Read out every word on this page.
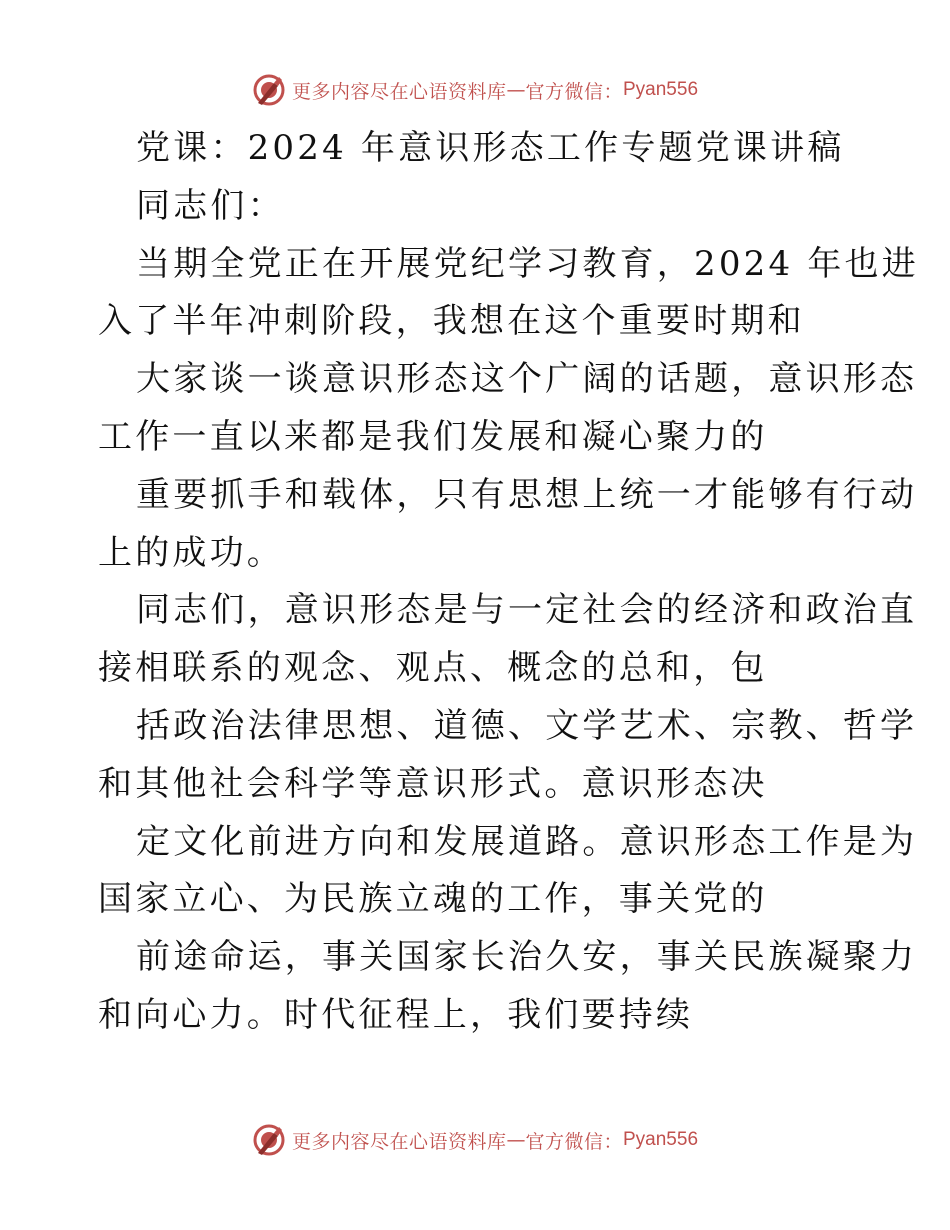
更多内容尽在心语资料库 — 官方微信： Pyan556
党课：2024 年意识形态工作专题党课讲稿
同志们：
当期全党正在开展党纪学习教育，2024 年也进
入了半年冲刺阶段，我想在这个重要时期和
大家谈一谈意识形态这个广阔的话题，意识形态
工作一直以来都是我们发展和凝心聚力的
重要抓手和载体，只有思想上统一才能够有行动
上的成功。
同志们，意识形态是与一定社会的经济和政治直
接相联系的观念、观点、概念的总和，包
括政治法律思想、道德、文学艺术、宗教、哲学
和其他社会科学等意识形式。意识形态决
定文化前进方向和发展道路。意识形态工作是为
国家立心、为民族立魂的工作，事关党的
前途命运，事关国家长治久安，事关民族凝聚力
和向心力。时代征程上，我们要持续
更多内容尽在心语资料库 — 官方微信： Pyan556
